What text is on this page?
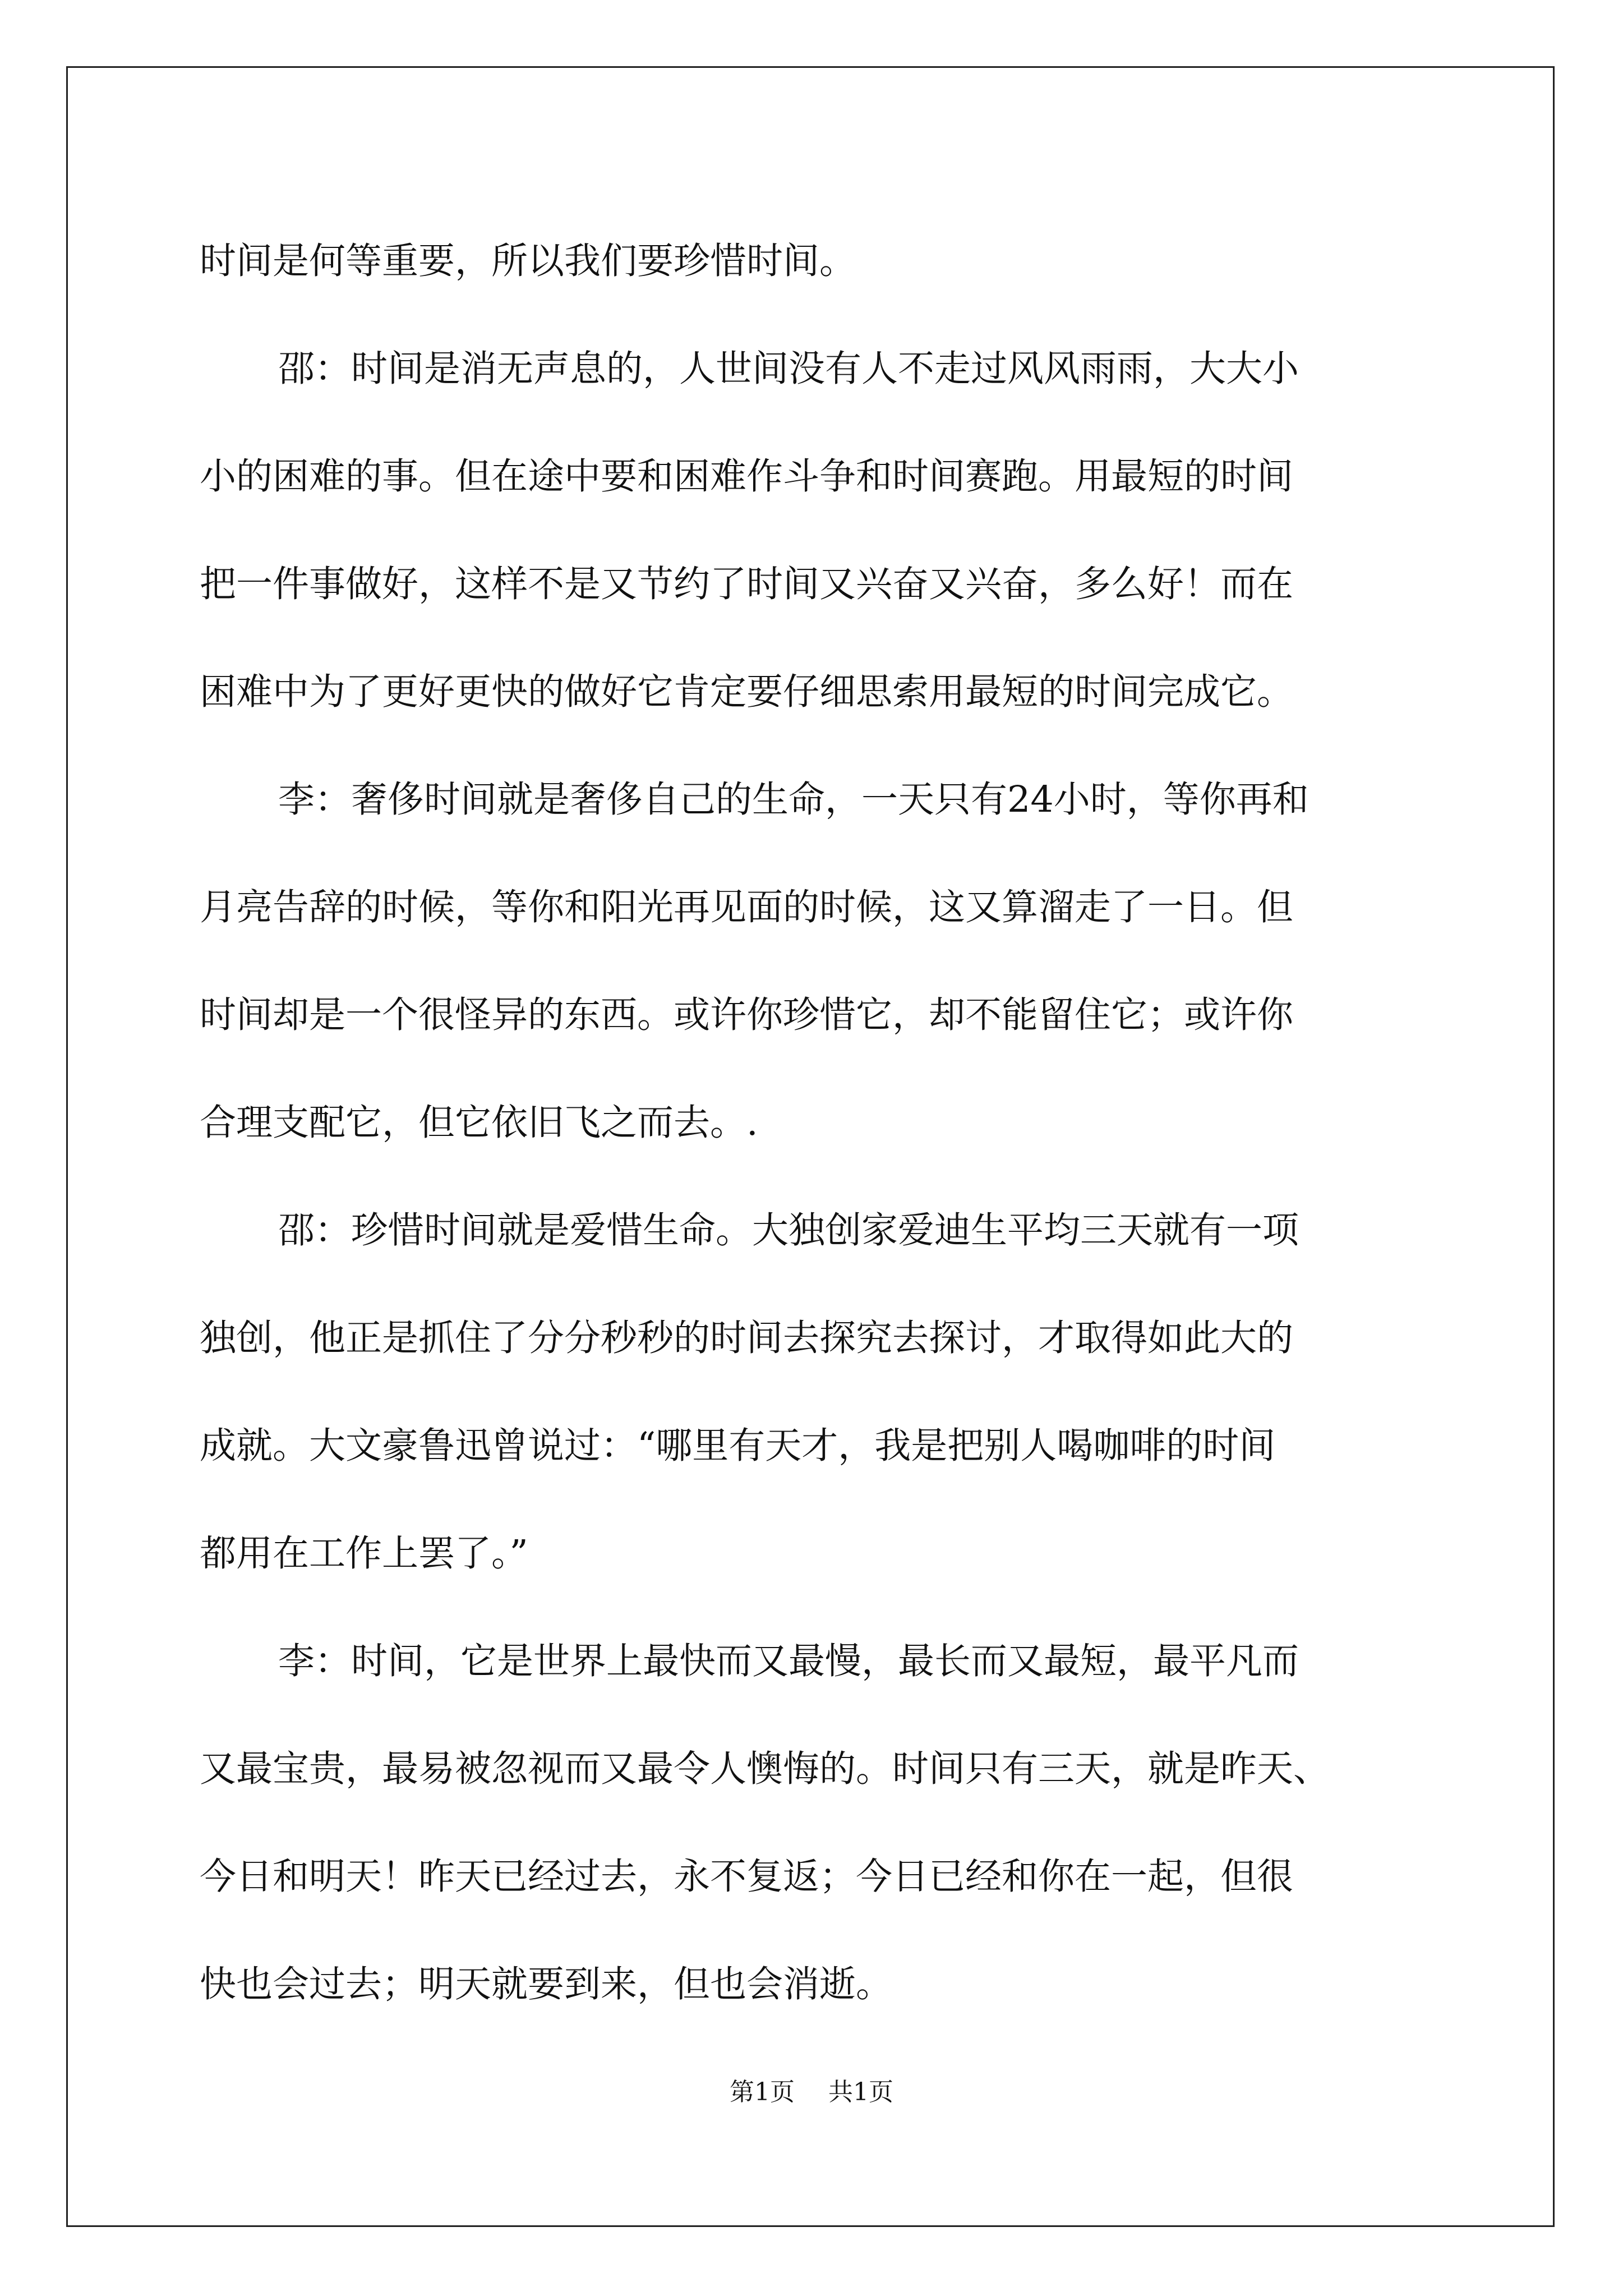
时间是何等重要，所以我们要珍惜时间。
邵：时间是消无声息的，人世间没有人不走过风风雨雨，大大小
小的困难的事。但在途中要和困难作斗争和时间赛跑。用最短的时间
把一件事做好，这样不是又节约了时间又兴奋又兴奋，多么好！而在
困难中为了更好更快的做好它肯定要仔细思索用最短的时间完成它。
李：奢侈时间就是奢侈自己的生命，一天只有24小时，等你再和
月亮告辞的时候，等你和阳光再见面的时候，这又算溜走了一日。但
时间却是一个很怪异的东西。或许你珍惜它，却不能留住它；或许你
合理支配它，但它依旧飞之而去。.
邵：珍惜时间就是爱惜生命。大独创家爱迪生平均三天就有一项
独创，他正是抓住了分分秒秒的时间去探究去探讨，才取得如此大的
成就。大文豪鲁迅曾说过：“哪里有天才，我是把别人喝咖啡的时间
都用在工作上罢了。”
李：时间，它是世界上最快而又最慢，最长而又最短，最平凡而
又最宝贵，最易被忽视而又最令人懊悔的。时间只有三天，就是昨天、
今日和明天！昨天已经过去，永不复返；今日已经和你在一起，但很
快也会过去；明天就要到来，但也会消逝。
第1页 共1页
